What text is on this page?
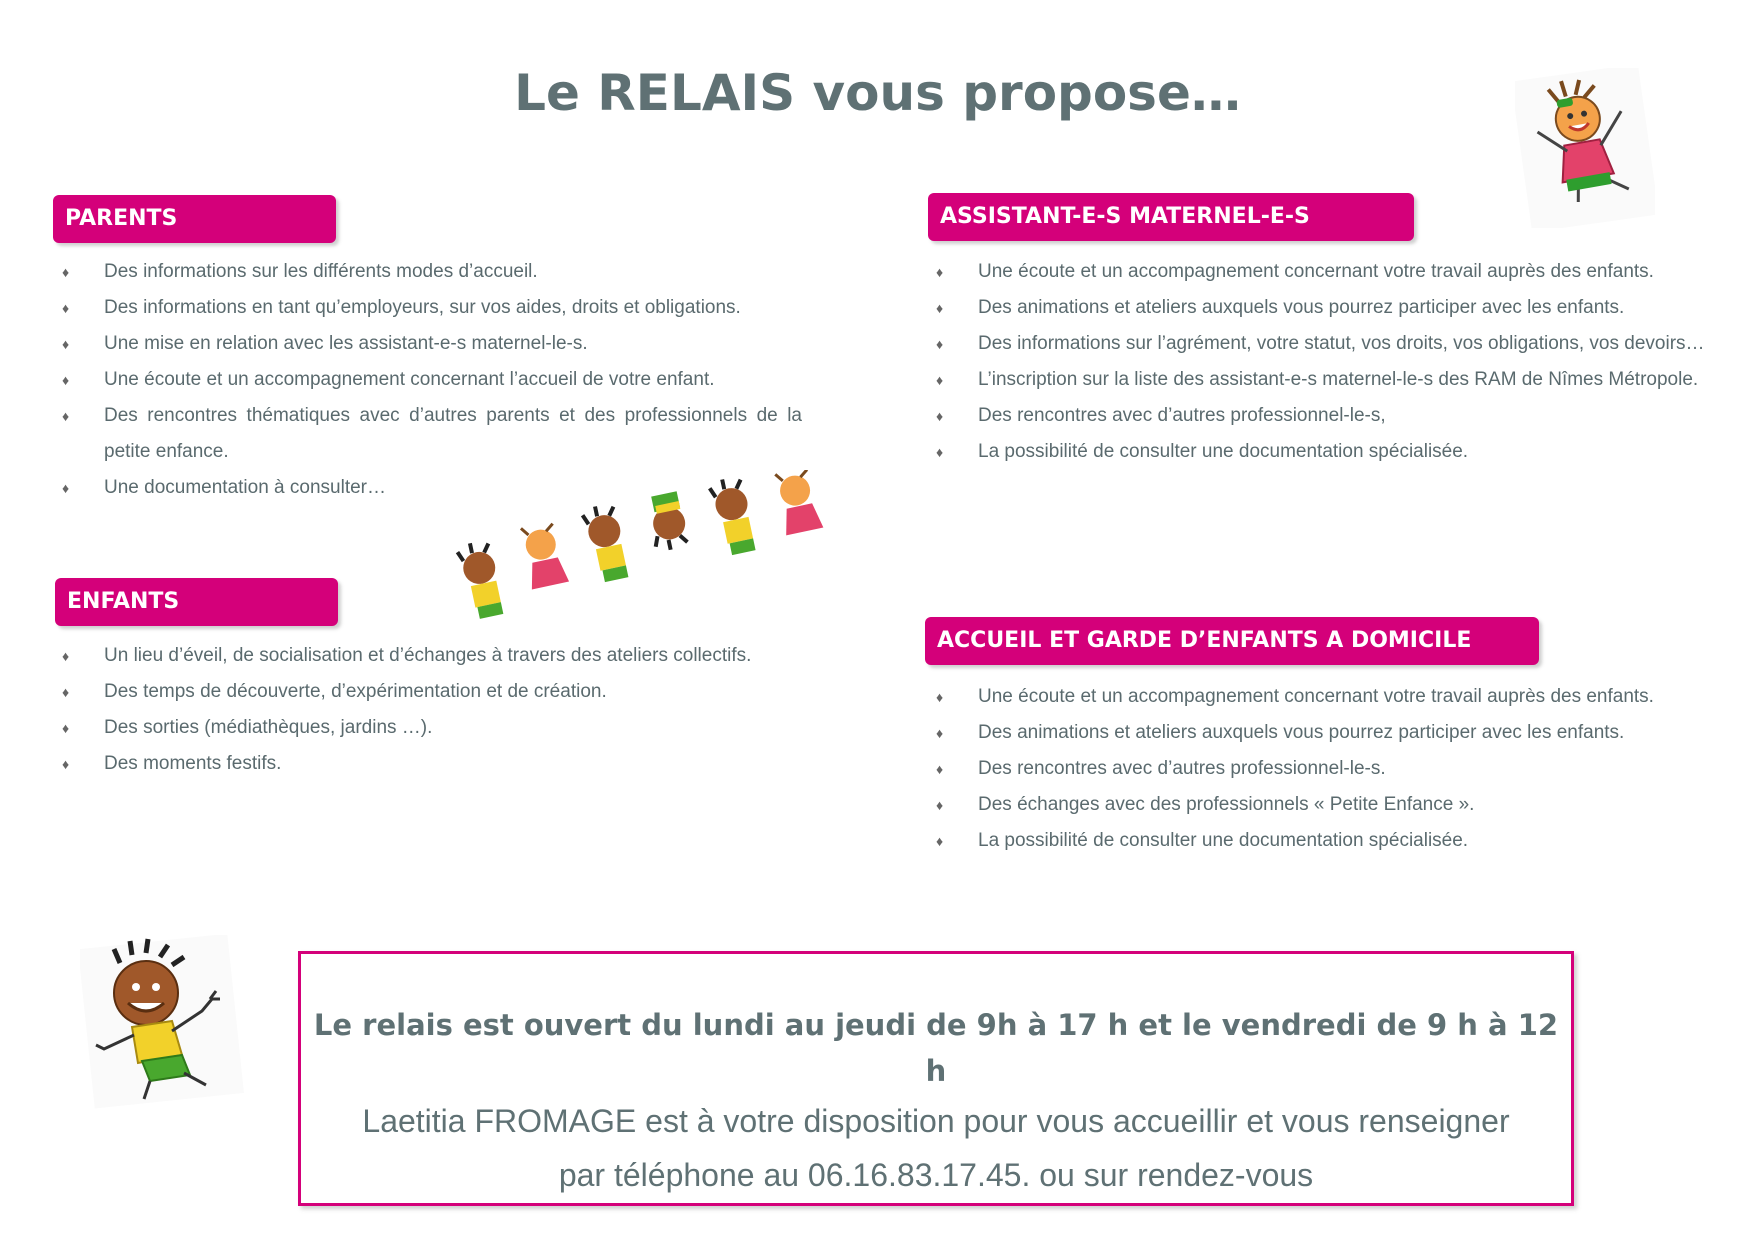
Le RELAIS vous propose…
PARENTS
♦ Des informations sur les différents modes d’accueil.
♦ Des informations en tant qu’employeurs, sur vos aides, droits et obligations.
♦ Une mise en relation avec les assistant-e-s maternel-le-s.
♦ Une écoute et un accompagnement concernant l’accueil de votre enfant.
♦ Des rencontres thématiques avec d’autres parents et des professionnels de la petite enfance.
♦ Une documentation à consulter…
ENFANTS
♦ Un lieu d’éveil, de socialisation et d’échanges à travers des ateliers collectifs.
♦ Des temps de découverte, d’expérimentation et de création.
♦ Des sorties (médiathèques, jardins …).
♦ Des moments festifs.
ASSISTANT-E-S MATERNEL-E-S
♦ Une écoute et un accompagnement concernant votre travail auprès des enfants.
♦ Des animations et ateliers auxquels vous pourrez participer avec les enfants.
♦ Des informations sur l’agrément, votre statut, vos droits, vos obligations, vos devoirs…
♦ L’inscription sur la liste des assistant-e-s maternel-le-s des RAM de Nîmes Métropole.
♦ Des rencontres avec d’autres professionnel-le-s,
♦ La possibilité de consulter une documentation spécialisée.
ACCUEIL ET GARDE D’ENFANTS A DOMICILE
♦ Une écoute et un accompagnement concernant votre travail auprès des enfants.
♦ Des animations et ateliers auxquels vous pourrez participer avec les enfants.
♦ Des rencontres avec d’autres professionnel-le-s.
♦ Des échanges avec des professionnels « Petite Enfance ».
♦ La possibilité de consulter une documentation spécialisée.
Le relais est ouvert du lundi au jeudi de 9h à 17 h et le vendredi de 9 h à 12 h
Laetitia FROMAGE est à votre disposition pour vous accueillir et vous renseigner
par téléphone au 06.16.83.17.45. ou sur rendez-vous
